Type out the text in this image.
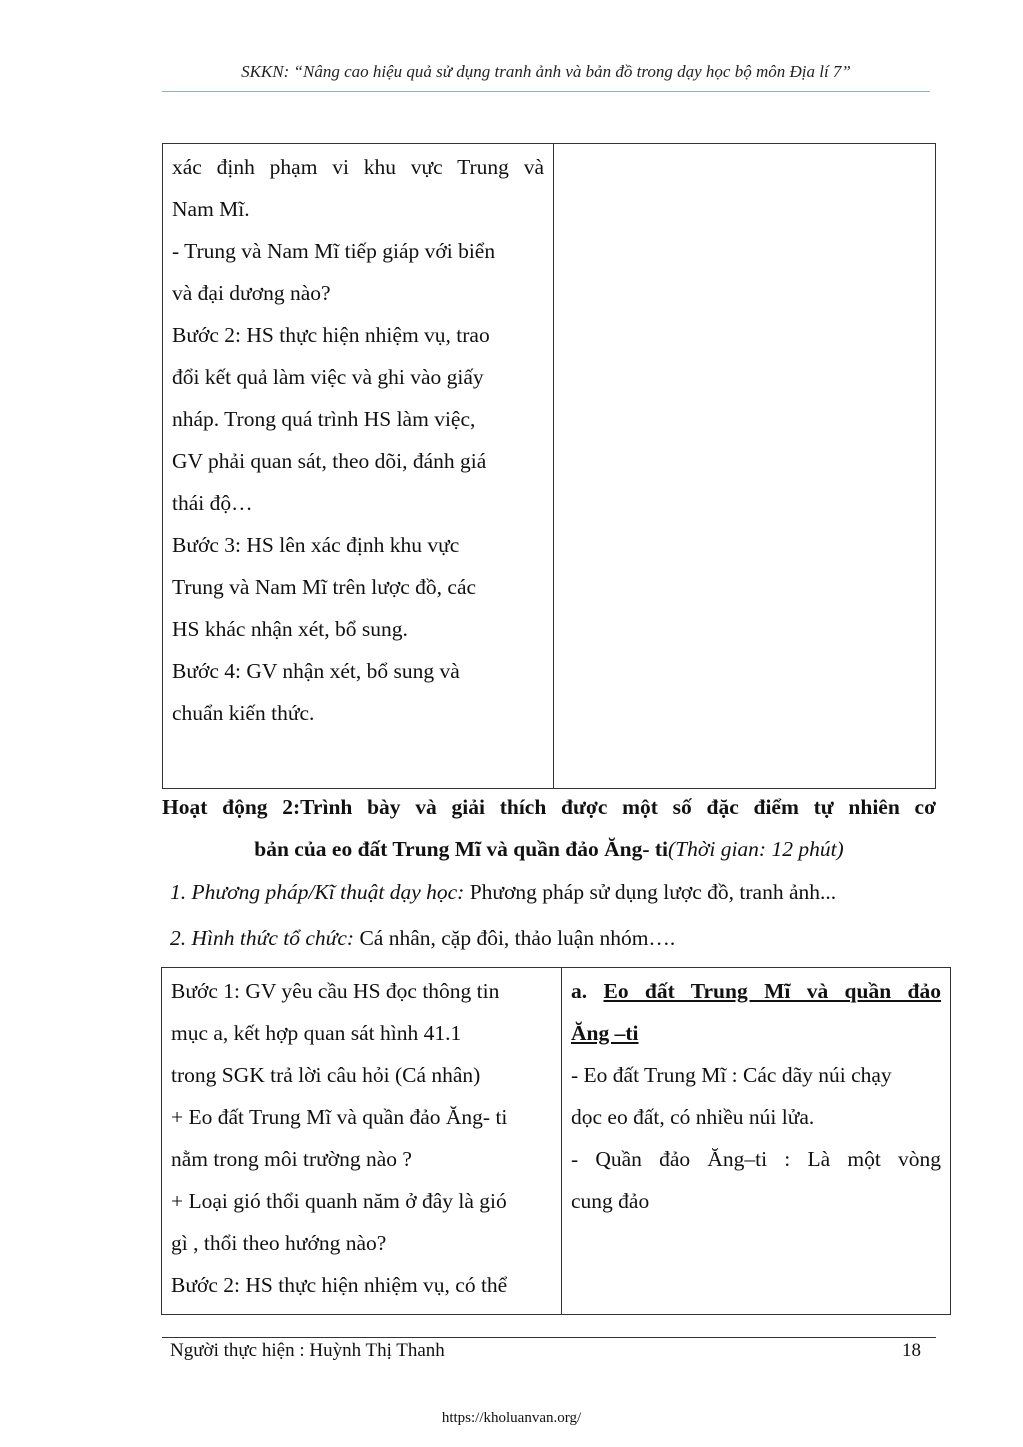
SKKN: “Nâng cao hiệu quả sử dụng tranh ảnh và bản đồ trong dạy học bộ môn Địa lí 7”
xác định phạm vi khu vực Trung và
Nam Mĩ.
- Trung và Nam Mĩ tiếp giáp với biển
và đại dương nào?
Bước 2: HS thực hiện nhiệm vụ, trao
đổi kết quả làm việc và ghi vào giấy
nháp. Trong quá trình HS làm việc,
GV phải quan sát, theo dõi, đánh giá
thái độ…
Bước 3: HS lên xác định khu vực
Trung và Nam Mĩ trên lược đồ, các
HS khác nhận xét, bổ sung.
Bước 4: GV nhận xét, bổ sung và
chuẩn kiến thức.

Hoạt động 2:Trình bày và giải thích được một số đặc điểm tự nhiên cơ
bản của eo đất Trung Mĩ và quần đảo Ăng- ti(Thời gian: 12 phút)
1. Phương pháp/Kĩ thuật dạy học: Phương pháp sử dụng lược đồ, tranh ảnh...
2. Hình thức tổ chức: Cá nhân, cặp đôi, thảo luận nhóm….
Bước 1: GV yêu cầu HS đọc thông tin
mục a, kết hợp quan sát hình 41.1
trong SGK trả lời câu hỏi (Cá nhân)
+ Eo đất Trung Mĩ và quần đảo Ăng- ti
nằm trong môi trường nào ?
+ Loại gió thổi quanh năm ở đây là gió
gì , thổi theo hướng nào?
Bước 2: HS thực hiện nhiệm vụ, có thể

a. Eo đất Trung Mĩ và quần đảo
Ăng –ti
- Eo đất Trung Mĩ : Các dãy núi chạy
dọc eo đất, có nhiều núi lửa.
- Quần đảo Ăng–ti : Là một vòng
cung đảo
Người thực hiện : Huỳnh Thị Thanh	18
https://kholuanvan.org/
